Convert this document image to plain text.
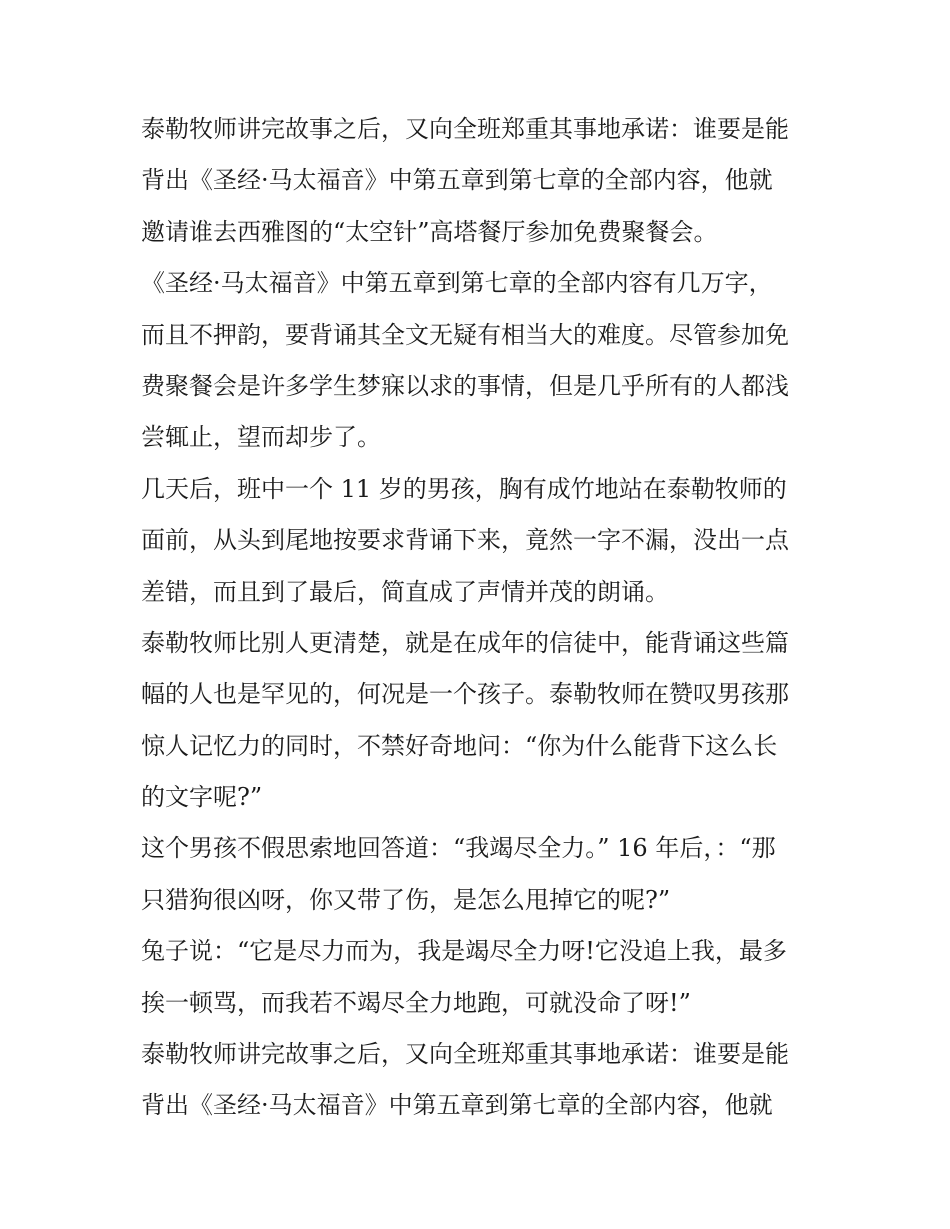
泰勒牧师讲完故事之后，又向全班郑重其事地承诺：谁要是能
背出《圣经·马太福音》中第五章到第七章的全部内容，他就
邀请谁去西雅图的“太空针”高塔餐厅参加免费聚餐会。
《圣经·马太福音》中第五章到第七章的全部内容有几万字，
而且不押韵，要背诵其全文无疑有相当大的难度。尽管参加免
费聚餐会是许多学生梦寐以求的事情，但是几乎所有的人都浅
尝辄止，望而却步了。
几天后，班中一个 11 岁的男孩，胸有成竹地站在泰勒牧师的
面前，从头到尾地按要求背诵下来，竟然一字不漏，没出一点
差错，而且到了最后，简直成了声情并茂的朗诵。
泰勒牧师比别人更清楚，就是在成年的信徒中，能背诵这些篇
幅的人也是罕见的，何况是一个孩子。泰勒牧师在赞叹男孩那
惊人记忆力的同时，不禁好奇地问：“你为什么能背下这么长
的文字呢?”
这个男孩不假思索地回答道：“我竭尽全力。” 16 年后，：“那
只猎狗很凶呀，你又带了伤，是怎么甩掉它的呢?”
兔子说：“它是尽力而为，我是竭尽全力呀!它没追上我，最多
挨一顿骂，而我若不竭尽全力地跑，可就没命了呀!”
泰勒牧师讲完故事之后，又向全班郑重其事地承诺：谁要是能
背出《圣经·马太福音》中第五章到第七章的全部内容，他就
